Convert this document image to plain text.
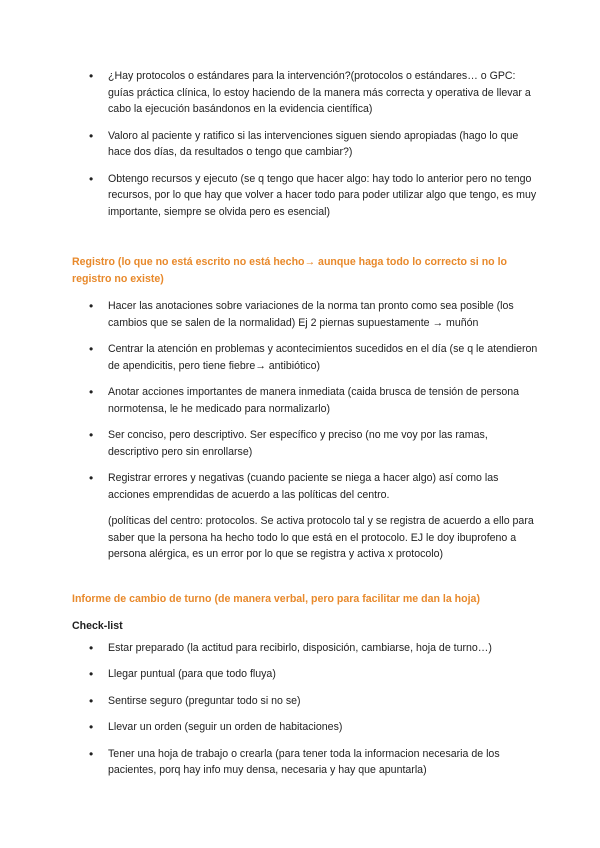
• ¿Hay protocolos o estándares para la intervención?(protocolos o estándares… o GPC: guías práctica clínica, lo estoy haciendo de la manera más correcta y operativa de llevar a cabo la ejecución basándonos en la evidencia científica)
• Valoro al paciente y ratifico si las intervenciones siguen siendo apropiadas (hago lo que hace dos días, da resultados o tengo que cambiar?)
• Obtengo recursos y ejecuto (se q tengo que hacer algo: hay todo lo anterior pero no tengo recursos, por lo que hay que volver a hacer todo para poder utilizar algo que tengo, es muy importante, siempre se olvida pero es esencial)

Registro (lo que no está escrito no está hecho→ aunque haga todo lo correcto si no lo registro no existe)

• Hacer las anotaciones sobre variaciones de la norma tan pronto como sea posible (los cambios que se salen de la normalidad) Ej 2 piernas supuestamente → muñón
• Centrar la atención en problemas y acontecimientos sucedidos en el día (se q le atendieron de apendicitis, pero tiene fiebre→ antibiótico)
• Anotar acciones importantes de manera inmediata (caida brusca de tensión de persona normotensa, le he medicado para normalizarlo)
• Ser conciso, pero descriptivo. Ser específico y preciso (no me voy por las ramas, descriptivo pero sin enrollarse)
• Registrar errores y negativas (cuando paciente se niega a hacer algo) así como las acciones emprendidas de acuerdo a las políticas del centro.

(políticas del centro: protocolos. Se activa protocolo tal y se registra de acuerdo a ello para saber que la persona ha hecho todo lo que está en el protocolo. EJ le doy ibuprofeno a persona alérgica, es un error por lo que se registra y activa x protocolo)

Informe de cambio de turno (de manera verbal, pero para facilitar me dan la hoja)

Check-list

• Estar preparado (la actitud para recibirlo, disposición, cambiarse, hoja de turno…)
• Llegar puntual (para que todo fluya)
• Sentirse seguro (preguntar todo si no se)
• Llevar un orden (seguir un orden de habitaciones)
• Tener una hoja de trabajo o crearla (para tener toda la informacion necesaria de los pacientes, porq hay info muy densa, necesaria y hay que apuntarla)
